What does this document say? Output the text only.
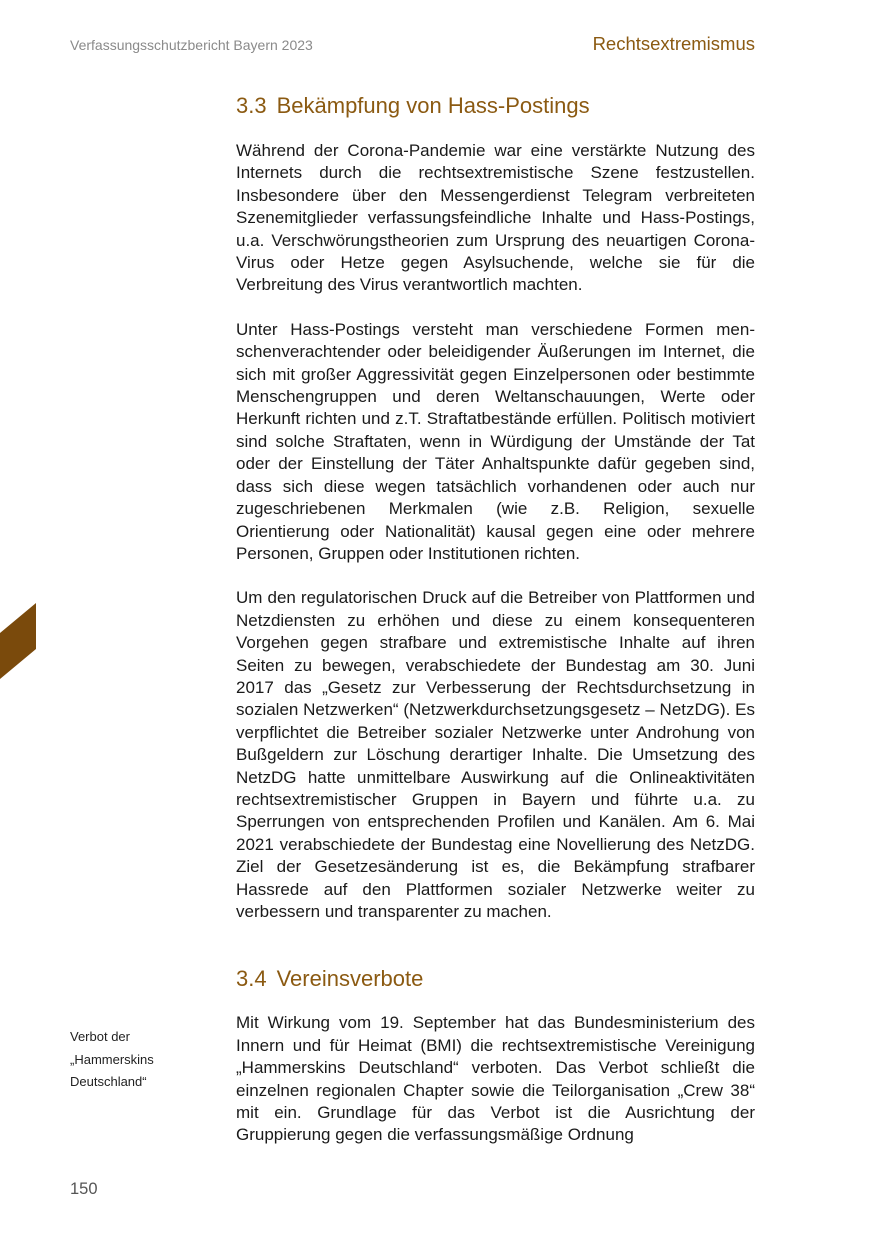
Verfassungsschutzbericht Bayern 2023	Rechtsextremismus
3.3 Bekämpfung von Hass-Postings

Während der Corona-Pandemie war eine verstärkte Nutzung des Internets durch die rechtsextremistische Szene festzustellen. Insbesondere über den Messengerdienst Telegram verbreiteten Szenemitglieder verfassungsfeindliche Inhalte und Hass-Postings, u.a. Verschwörungstheorien zum Ursprung des neuartigen Corona-Virus oder Hetze gegen Asylsuchende, welche sie für die Verbreitung des Virus verantwortlich machten.

Unter Hass-Postings versteht man verschiedene Formen menschenverachtender oder beleidigender Äußerungen im Internet, die sich mit großer Aggressivität gegen Einzelpersonen oder bestimmte Menschengruppen und deren Weltanschauungen, Werte oder Herkunft richten und z.T. Straftatbestände erfüllen. Politisch motiviert sind solche Straftaten, wenn in Würdigung der Umstände der Tat oder der Einstellung der Täter Anhaltspunkte dafür gegeben sind, dass sich diese wegen tatsächlich vorhandenen oder auch nur zugeschriebenen Merkmalen (wie z.B. Religion, sexuelle Orientierung oder Nationalität) kausal gegen eine oder mehrere Personen, Gruppen oder Institutionen richten.

Um den regulatorischen Druck auf die Betreiber von Plattformen und Netzdiensten zu erhöhen und diese zu einem konsequenteren Vorgehen gegen strafbare und extremistische Inhalte auf ihren Seiten zu bewegen, verabschiedete der Bundestag am 30. Juni 2017 das „Gesetz zur Verbesserung der Rechtsdurchsetzung in sozialen Netzwerken“ (Netzwerkdurchsetzungsgesetz – NetzDG). Es verpflichtet die Betreiber sozialer Netzwerke unter Androhung von Bußgeldern zur Löschung derartiger Inhalte. Die Umsetzung des NetzDG hatte unmittelbare Auswirkung auf die Onlineaktivitäten rechtsextremistischer Gruppen in Bayern und führte u.a. zu Sperrungen von entsprechenden Profilen und Kanälen. Am 6. Mai 2021 verabschiedete der Bundestag eine Novellierung des NetzDG. Ziel der Gesetzesänderung ist es, die Bekämpfung strafbarer Hassrede auf den Plattformen sozialer Netzwerke weiter zu verbessern und transparenter zu machen.

3.4 Vereinsverbote

Mit Wirkung vom 19. September hat das Bundesministerium des Innern und für Heimat (BMI) die rechtsextremistische Vereinigung „Hammerskins Deutschland“ verboten. Das Verbot schließt die einzelnen regionalen Chapter sowie die Teilorganisation „Crew 38“ mit ein. Grundlage für das Verbot ist die Ausrichtung der Gruppierung gegen die verfassungsmäßige Ordnung

Verbot der
„Hammerskins
Deutschland“
150
